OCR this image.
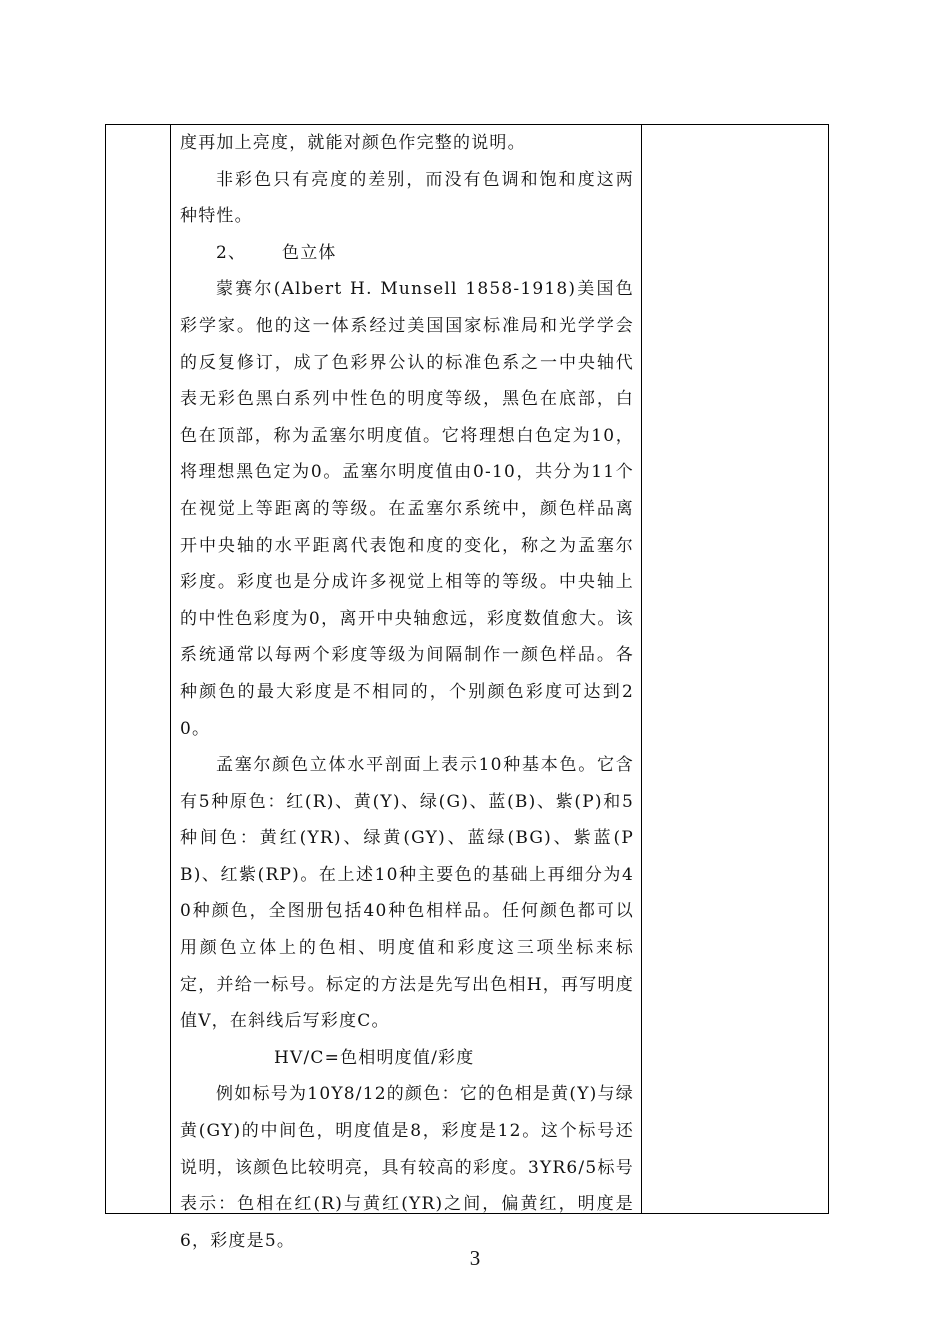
度再加上亮度，就能对颜色作完整的说明。

非彩色只有亮度的差别，而没有色调和饱和度这两种特性。

2、 色立体

蒙赛尔(Albert H. Munsell 1858-1918)美国色彩学家。他的这一体系经过美国国家标准局和光学学会的反复修订，成了色彩界公认的标准色系之一中央轴代表无彩色黑白系列中性色的明度等级，黑色在底部，白色在顶部，称为孟塞尔明度值。它将理想白色定为10，将理想黑色定为0。孟塞尔明度值由0-10，共分为11个在视觉上等距离的等级。在孟塞尔系统中，颜色样品离开中央轴的水平距离代表饱和度的变化，称之为孟塞尔彩度。彩度也是分成许多视觉上相等的等级。中央轴上的中性色彩度为0，离开中央轴愈远，彩度数值愈大。该系统通常以每两个彩度等级为间隔制作一颜色样品。各种颜色的最大彩度是不相同的，个别颜色彩度可达到20。

孟塞尔颜色立体水平剖面上表示10种基本色。它含有5种原色：红(R)、黄(Y)、绿(G)、蓝(B)、紫(P)和5种间色：黄红(YR)、绿黄(GY)、蓝绿(BG)、紫蓝(PB)、红紫(RP)。在上述10种主要色的基础上再细分为40种颜色，全图册包括40种色相样品。任何颜色都可以用颜色立体上的色相、明度值和彩度这三项坐标来标定，并给一标号。标定的方法是先写出色相H，再写明度值V，在斜线后写彩度C。

HV/C=色相明度值/彩度

例如标号为10Y8/12的颜色：它的色相是黄(Y)与绿黄(GY)的中间色，明度值是8，彩度是12。这个标号还说明，该颜色比较明亮，具有较高的彩度。3YR6/5标号表示：色相在红(R)与黄红(YR)之间，偏黄红，明度是6，彩度是5。

3
